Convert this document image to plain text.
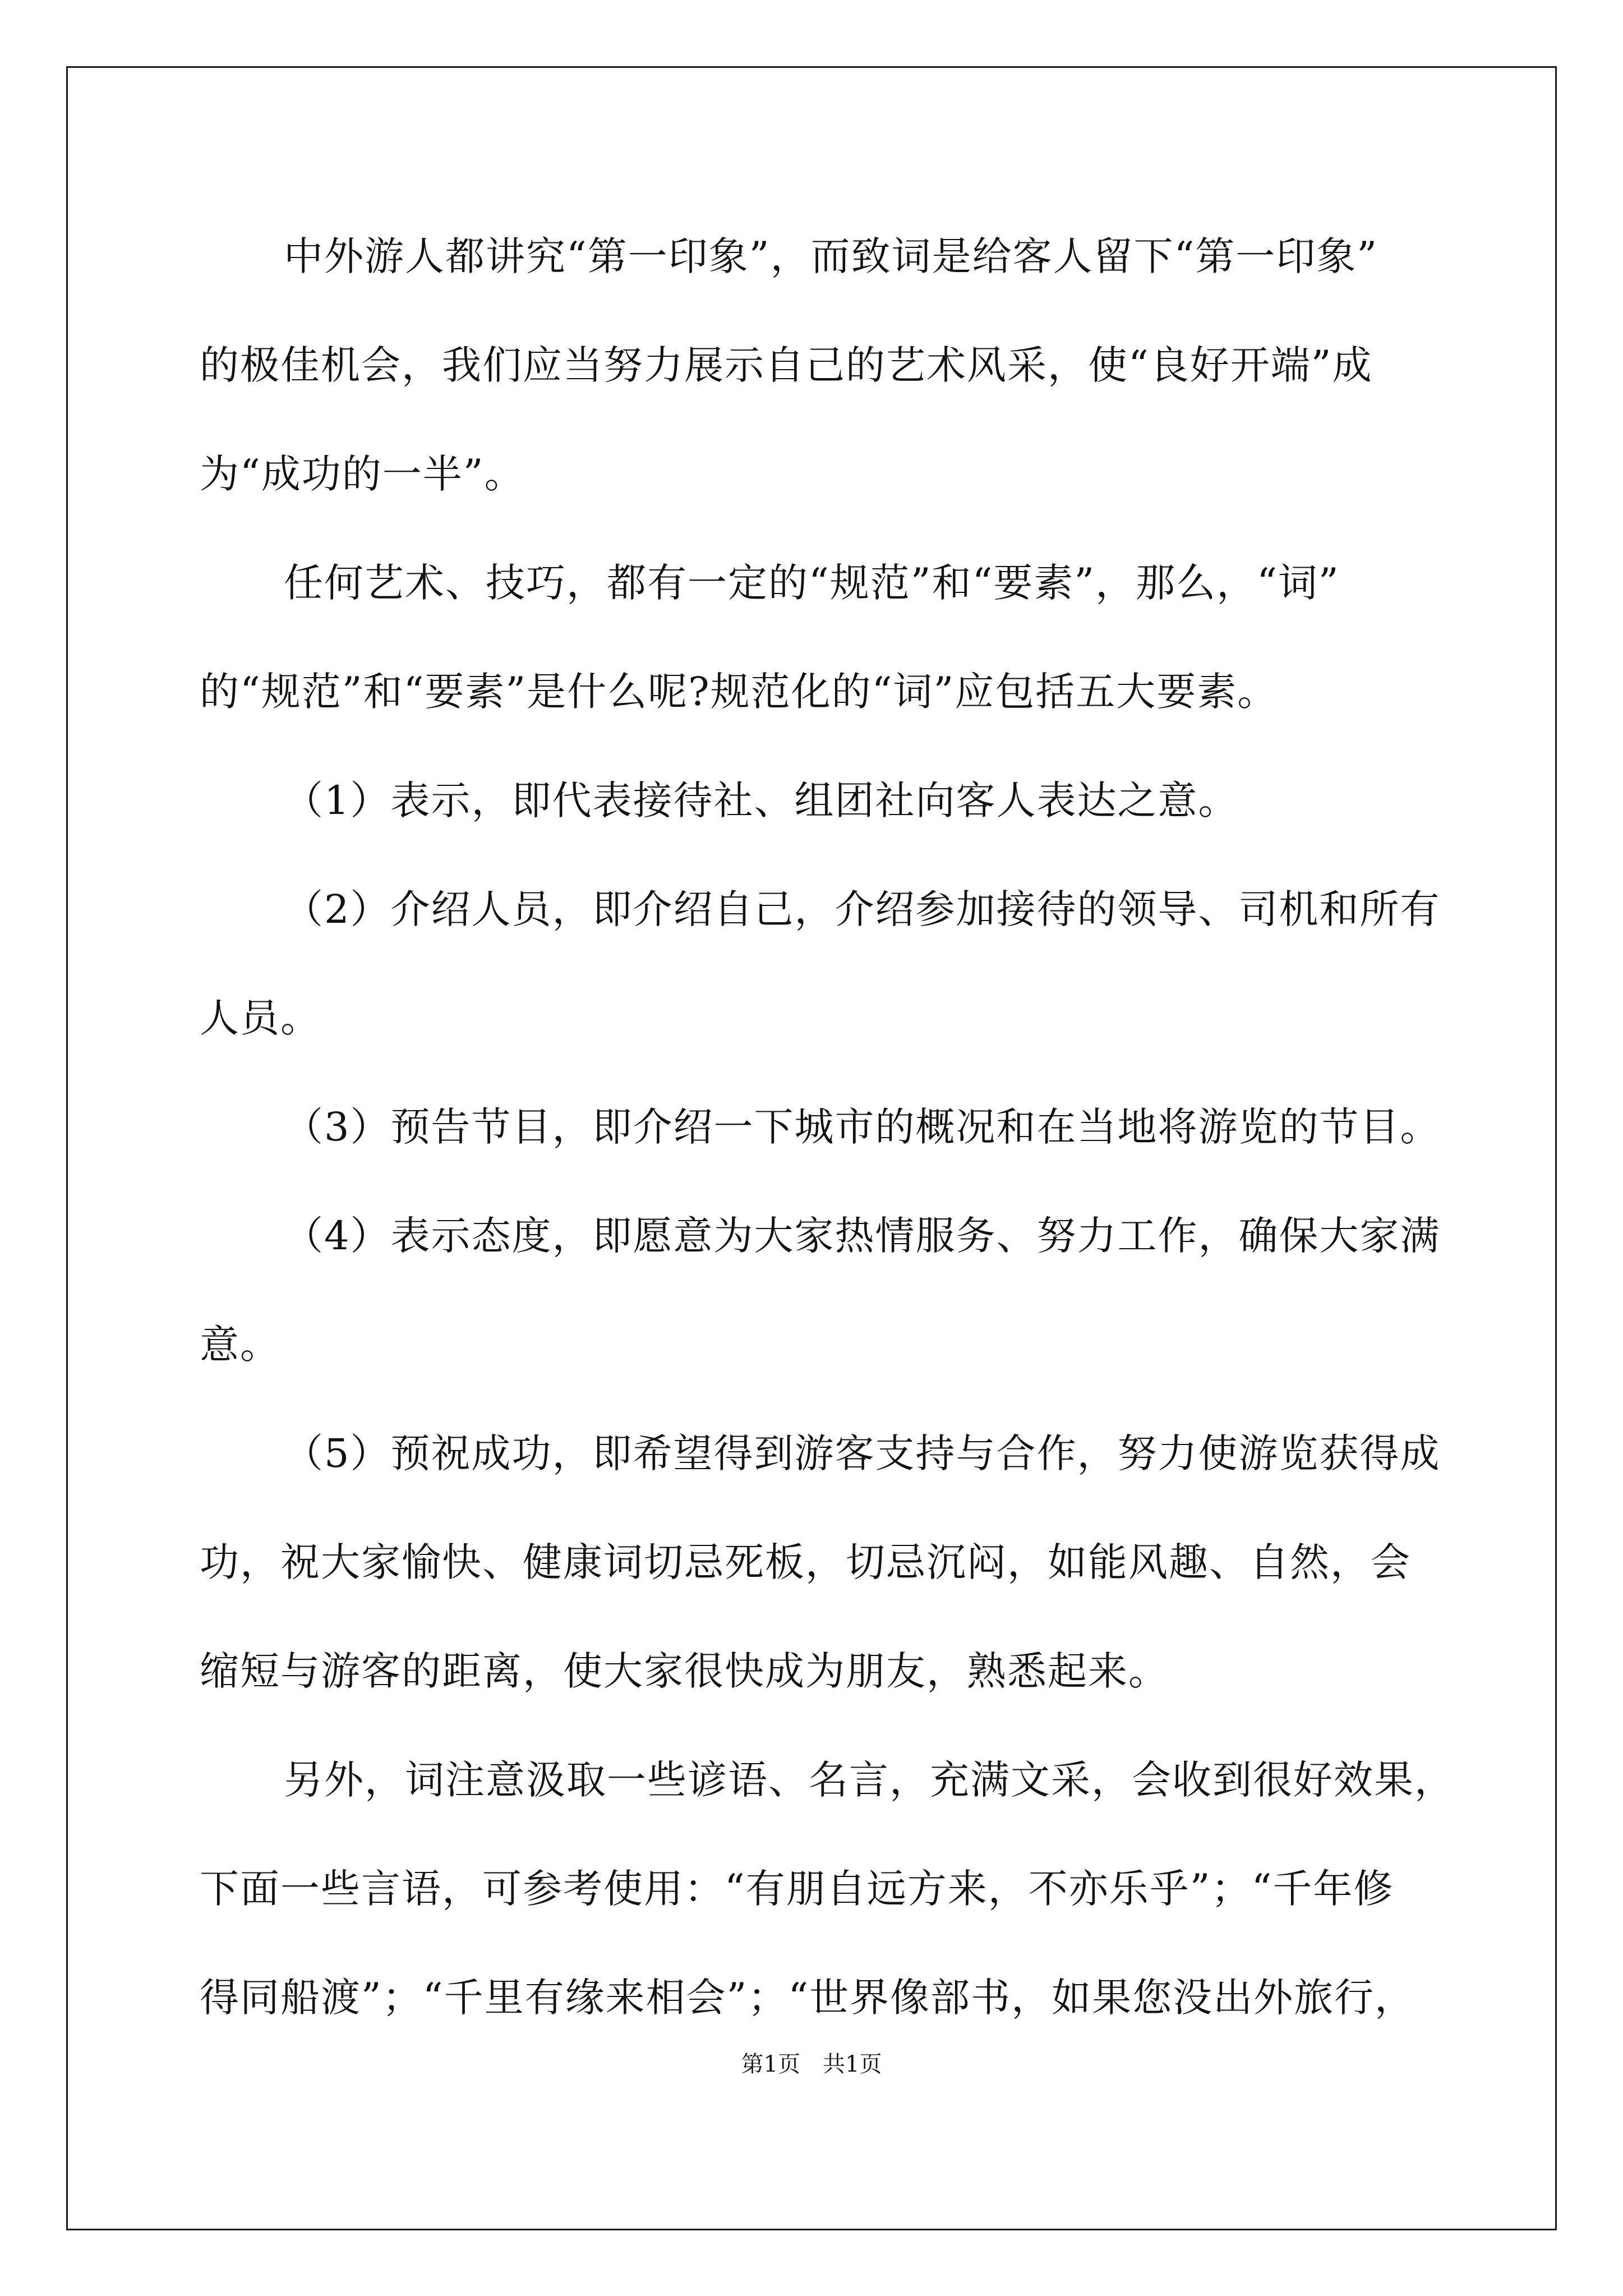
中外游人都讲究“第一印象”，而致词是给客人留下“第一印象”
的极佳机会，我们应当努力展示自己的艺术风采，使“良好开端”成
为“成功的一半”。
任何艺术、技巧，都有一定的“规范”和“要素”，那么，“词”
的“规范”和“要素”是什么呢?规范化的“词”应包括五大要素。
（1）表示，即代表接待社、组团社向客人表达之意。
（2）介绍人员，即介绍自己，介绍参加接待的领导、司机和所有
人员。
（3）预告节目，即介绍一下城市的概况和在当地将游览的节目。
（4）表示态度，即愿意为大家热情服务、努力工作，确保大家满
意。
（5）预祝成功，即希望得到游客支持与合作，努力使游览获得成
功，祝大家愉快、健康词切忌死板，切忌沉闷，如能风趣、自然，会
缩短与游客的距离，使大家很快成为朋友，熟悉起来。
另外，词注意汲取一些谚语、名言，充满文采，会收到很好效果，
下面一些言语，可参考使用：“有朋自远方来，不亦乐乎”；“千年修
得同船渡”；“千里有缘来相会”；“世界像部书，如果您没出外旅行，
第1页　共1页
